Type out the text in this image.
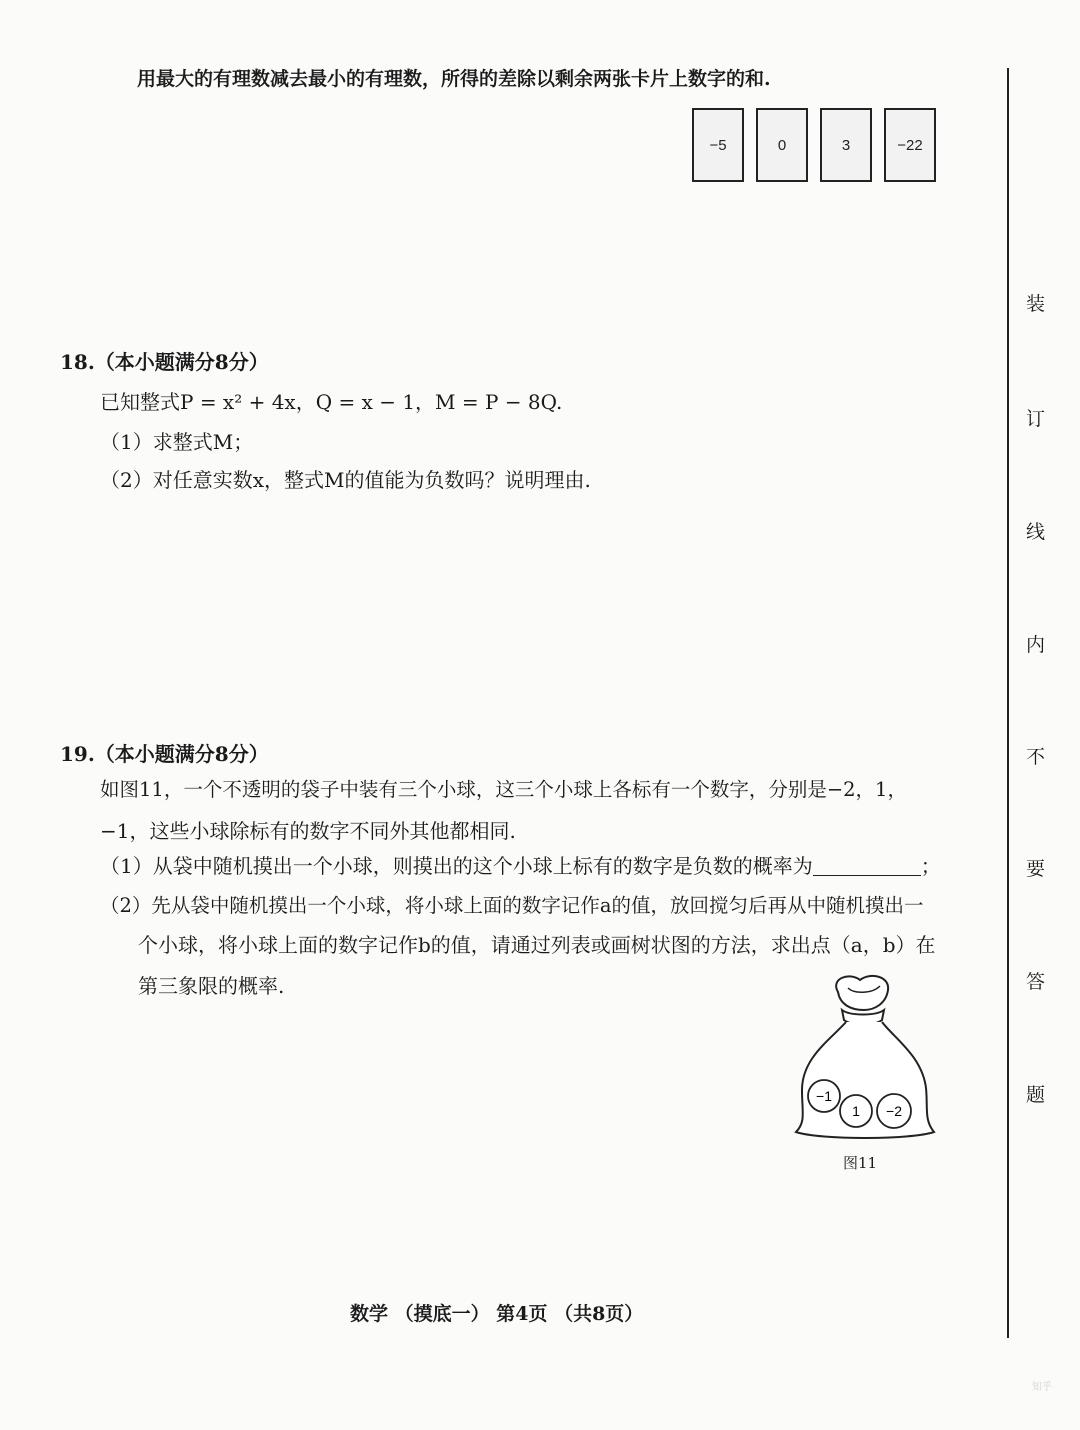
用最大的有理数减去最小的有理数，所得的差除以剩余两张卡片上数字的和.
−5	0	3	−22
18.（本小题满分8分）
已知整式P = x² + 4x，Q = x − 1，M = P − 8Q.
（1）求整式M；
（2）对任意实数x，整式M的值能为负数吗？说明理由.
19.（本小题满分8分）
如图11，一个不透明的袋子中装有三个小球，这三个小球上各标有一个数字，分别是−2，1，
−1，这些小球除标有的数字不同外其他都相同.
（1）从袋中随机摸出一个小球，则摸出的这个小球上标有的数字是负数的概率为	；
（2）先从袋中随机摸出一个小球，将小球上面的数字记作a的值，放回搅匀后再从中随机摸出一
个小球，将小球上面的数字记作b的值，请通过列表或画树状图的方法，求出点（a，b）在
第三象限的概率.
−1
1 −2
图11
装
订
线
内
不
要
答
题
数学 （摸底一） 第4页 （共8页）
知乎
